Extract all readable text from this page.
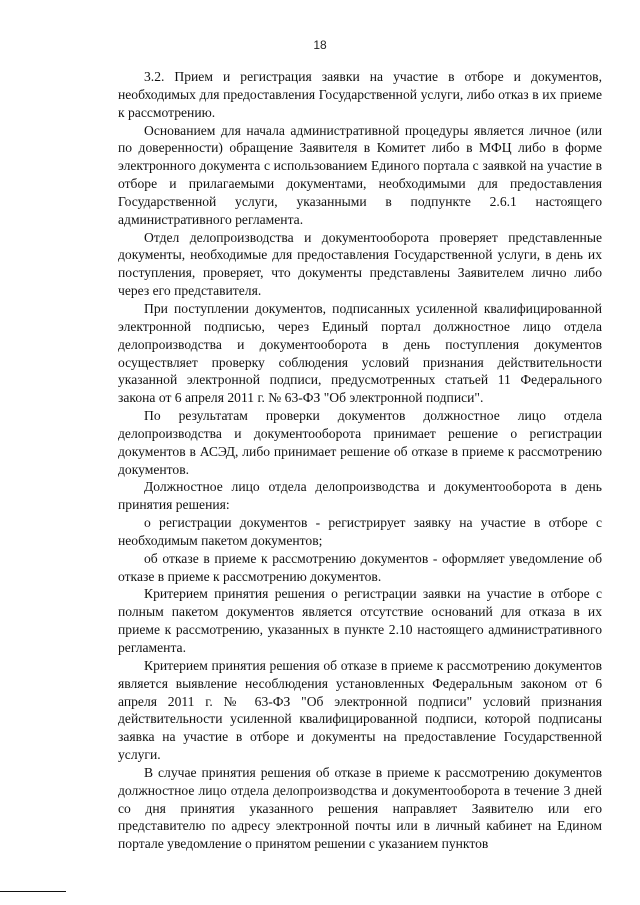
18

3.2. Прием и регистрация заявки на участие в отборе и документов, необходимых для предоставления Государственной услуги, либо отказ в их приеме к рассмотрению.

Основанием для начала административной процедуры является личное (или по доверенности) обращение Заявителя в Комитет либо в МФЦ либо в форме электронного документа с использованием Единого портала с заявкой на участие в отборе и прилагаемыми документами, необходимыми для предоставления Государственной услуги, указанными в подпункте 2.6.1 настоящего административного регламента.

Отдел делопроизводства и документооборота проверяет представленные документы, необходимые для предоставления Государственной услуги, в день их поступления, проверяет, что документы представлены Заявителем лично либо через его представителя.

При поступлении документов, подписанных усиленной квалифицированной электронной подписью, через Единый портал должностное лицо отдела делопроизводства и документооборота в день поступления документов осуществляет проверку соблюдения условий признания действительности указанной электронной подписи, предусмотренных статьей 11 Федерального закона от 6 апреля 2011 г. № 63-ФЗ "Об электронной подписи".

По результатам проверки документов должностное лицо отдела делопроизводства и документооборота принимает решение о регистрации документов в АСЭД, либо принимает решение об отказе в приеме к рассмотрению документов.

Должностное лицо отдела делопроизводства и документооборота в день принятия решения:

о регистрации документов - регистрирует заявку на участие в отборе с необходимым пакетом документов;

об отказе в приеме к рассмотрению документов - оформляет уведомление об отказе в приеме к рассмотрению документов.

Критерием принятия решения о регистрации заявки на участие в отборе с полным пакетом документов является отсутствие оснований для отказа в их приеме к рассмотрению, указанных в пункте 2.10 настоящего административного регламента.

Критерием принятия решения об отказе в приеме к рассмотрению документов является выявление несоблюдения установленных Федеральным законом от 6 апреля 2011 г. № 63-ФЗ "Об электронной подписи" условий признания действительности усиленной квалифицированной подписи, которой подписаны заявка на участие в отборе и документы на предоставление Государственной услуги.

В случае принятия решения об отказе в приеме к рассмотрению документов должностное лицо отдела делопроизводства и документооборота в течение 3 дней со дня принятия указанного решения направляет Заявителю или его представителю по адресу электронной почты или в личный кабинет на Едином портале уведомление о принятом решении с указанием пунктов
